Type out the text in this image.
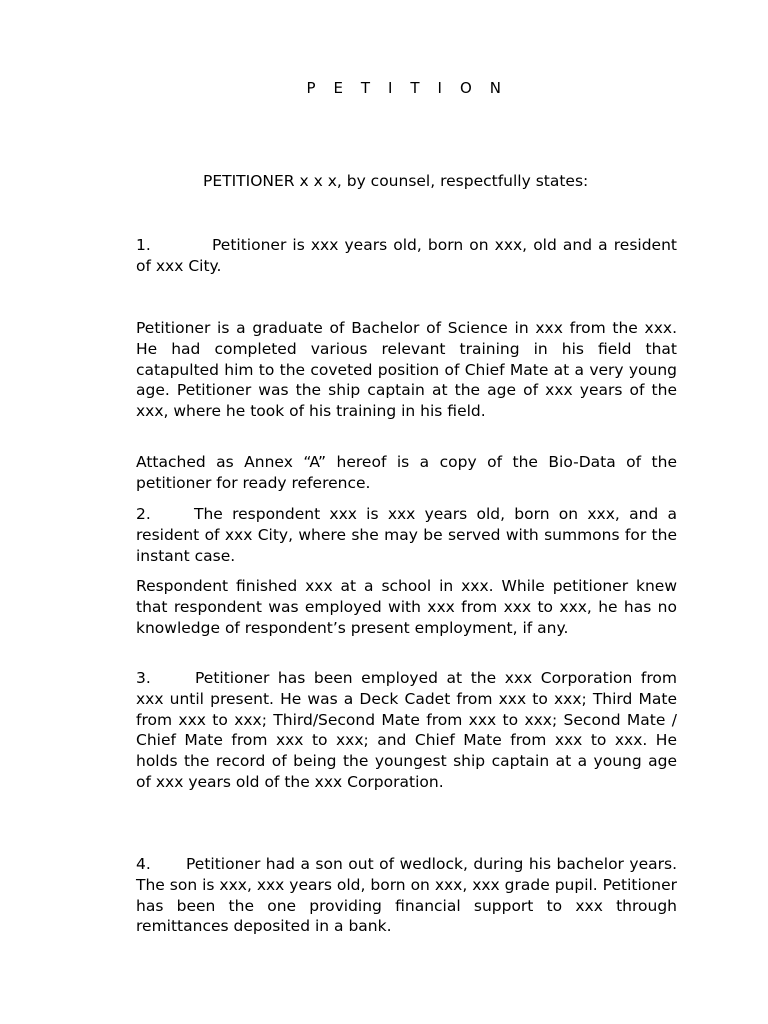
P E T I T I O N
PETITIONER x x x, by counsel, respectfully states:

1.	Petitioner is xxx years old, born on xxx, old and a resident of xxx City.

Petitioner is a graduate of Bachelor of Science in xxx from the xxx. He had completed various relevant training in his field that catapulted him to the coveted position of Chief Mate at a very young age. Petitioner was the ship captain at the age of xxx years of the xxx, where he took of his training in his field.

Attached as Annex “A” hereof is a copy of the Bio-Data of the petitioner for ready reference.

2.	The respondent xxx is xxx years old, born on xxx, and a resident of xxx City, where she may be served with summons for the instant case.

Respondent finished xxx at a school in xxx. While petitioner knew that respondent was employed with xxx from xxx to xxx, he has no knowledge of respondent’s present employment, if any.

3.	Petitioner has been employed at the xxx Corporation from xxx until present. He was a Deck Cadet from xxx to xxx; Third Mate from xxx to xxx; Third/Second Mate from xxx to xxx; Second Mate / Chief Mate from xxx to xxx; and Chief Mate from xxx to xxx. He holds the record of being the youngest ship captain at a young age of xxx years old of the xxx Corporation.

4. Petitioner had a son out of wedlock, during his bachelor years. The son is xxx, xxx years old, born on xxx, xxx grade pupil. Petitioner has been the one providing financial support to xxx through remittances deposited in a bank.
